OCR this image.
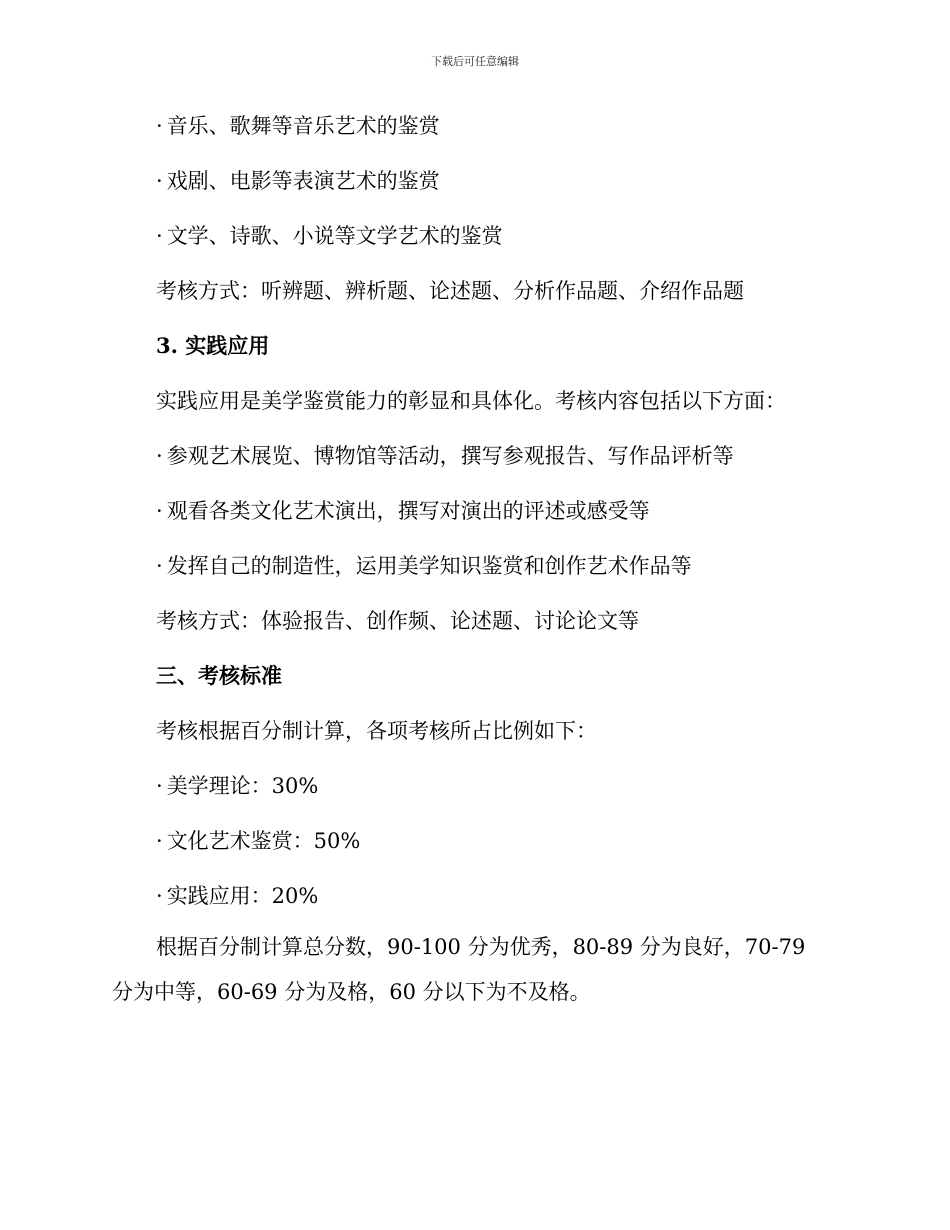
下载后可任意编辑
· 音乐、歌舞等音乐艺术的鉴赏
· 戏剧、电影等表演艺术的鉴赏
· 文学、诗歌、小说等文学艺术的鉴赏
考核方式：听辨题、辨析题、论述题、分析作品题、介绍作品题
3. 实践应用
实践应用是美学鉴赏能力的彰显和具体化。考核内容包括以下方面：
· 参观艺术展览、博物馆等活动，撰写参观报告、写作品评析等
· 观看各类文化艺术演出，撰写对演出的评述或感受等
· 发挥自己的制造性，运用美学知识鉴赏和创作艺术作品等
考核方式：体验报告、创作频、论述题、讨论论文等
三、考核标准
考核根据百分制计算，各项考核所占比例如下：
· 美学理论：30%
· 文化艺术鉴赏：50%
· 实践应用：20%

根据百分制计算总分数，90-100 分为优秀，80-89 分为良好，70-79 分为中等，60-69 分为及格，60 分以下为不及格。
